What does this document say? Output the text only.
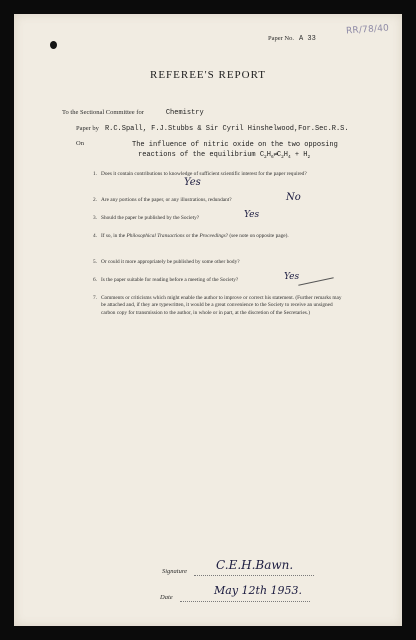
RR/78/40
Paper No. A 33
REFEREE'S REPORT
To the Sectional Committee for	Chemistry
Paper by R.C.Spall, F.J.Stubbs & Sir Cyril Hinshelwood,For.Sec.R.S.
On	The influence of nitric oxide on the two opposing
reactions of the equilibrium $C_2H_6\rightleftharpoons C_2H_4 + H_2$
1. Does it contain contributions to knowledge of sufficient scientific interest for the paper required?
Yes
2. Are any portions of the paper, or any illustrations, redundant?	No
3. Should the paper be published by the Society?	Yes
4. If so, in the Philosophical Transactions or the Proceedings? (see note on opposite page).
5. Or could it more appropriately be published by some other body?
6. Is the paper suitable for reading before a meeting of the Society?	Yes
7. Comments or criticisms which might enable the author to improve or correct his statement. (Further remarks may be attached and, if they are typewritten, it would be a great convenience to the Society to receive an unsigned carbon copy for transmission to the author, in whole or in part, at the discretion of the Secretaries.)
Signature C.E.H.Bawn.
Date
May 12th 1953.
